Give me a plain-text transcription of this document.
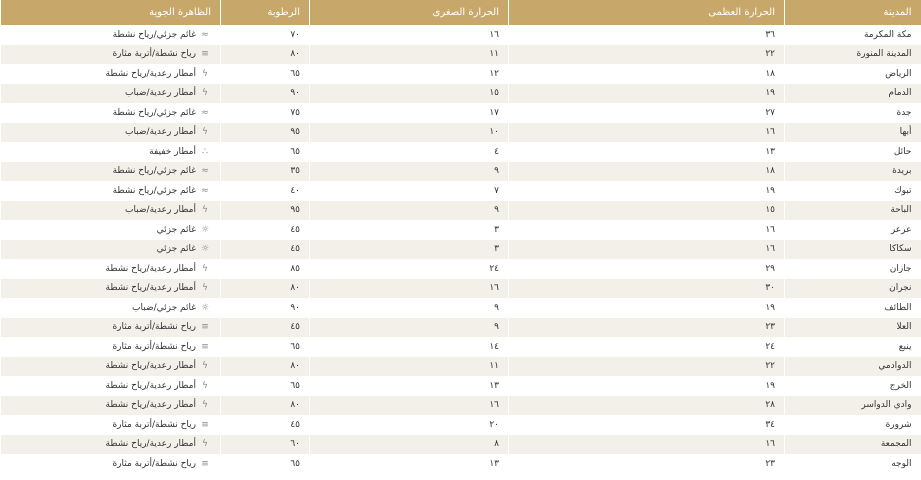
المدينة	الحرارة العظمى	الحرارة الصغرى	الرطوبة	الظاهرة الجوية
مكة المكرمة	٣٦	١٦	٧٠	≈غائم جزئي/رياح نشطة
المدينة المنورة	٢٢	١١	٨٠	≡رياح نشطة/أتربة مثارة
الرياض	١٨	١٢	٦٥	ϟأمطار رعدية/رياح نشطة
الدمام	١٩	١٥	٩٠	ϟأمطار رعدية/ضباب
جدة	٢٧	١٧	٧٥	≈غائم جزئي/رياح نشطة
أبها	١٦	١٠	٩٥	ϟأمطار رعدية/ضباب
حائل	١٣	٤	٦٥	∴أمطار خفيفة
بريدة	١٨	٩	٣٥	≈غائم جزئي/رياح نشطة
تبوك	١٩	٧	٤٠	≈غائم جزئي/رياح نشطة
الباحة	١٥	٩	٩٥	ϟأمطار رعدية/ضباب
عرعر	١٦	٣	٤٥	☼غائم جزئي
سكاكا	١٦	٣	٤٥	☼غائم جزئي
جازان	٢٩	٢٤	٨٥	ϟأمطار رعدية/رياح نشطة
نجران	٣٠	١٦	٨٠	ϟأمطار رعدية/رياح نشطة
الطائف	١٩	٩	٩٠	☼غائم جزئي/ضباب
العلا	٢٣	٩	٤٥	≡رياح نشطة/أتربة مثارة
ينبع	٢٤	١٤	٦٥	≡رياح نشطة/أتربة مثارة
الدوادمي	٢٢	١١	٨٠	ϟأمطار رعدية/رياح نشطة
الخرج	١٩	١٣	٦٥	ϟأمطار رعدية/رياح نشطة
وادي الدواسر	٢٨	١٦	٨٠	ϟأمطار رعدية/رياح نشطة
شرورة	٣٤	٢٠	٤٥	≡رياح نشطة/أتربة مثارة
المجمعة	١٦	٨	٦٠	ϟأمطار رعدية/رياح نشطة
الوجه	٢٣	١٣	٦٥	≡رياح نشطة/أتربة مثارة
